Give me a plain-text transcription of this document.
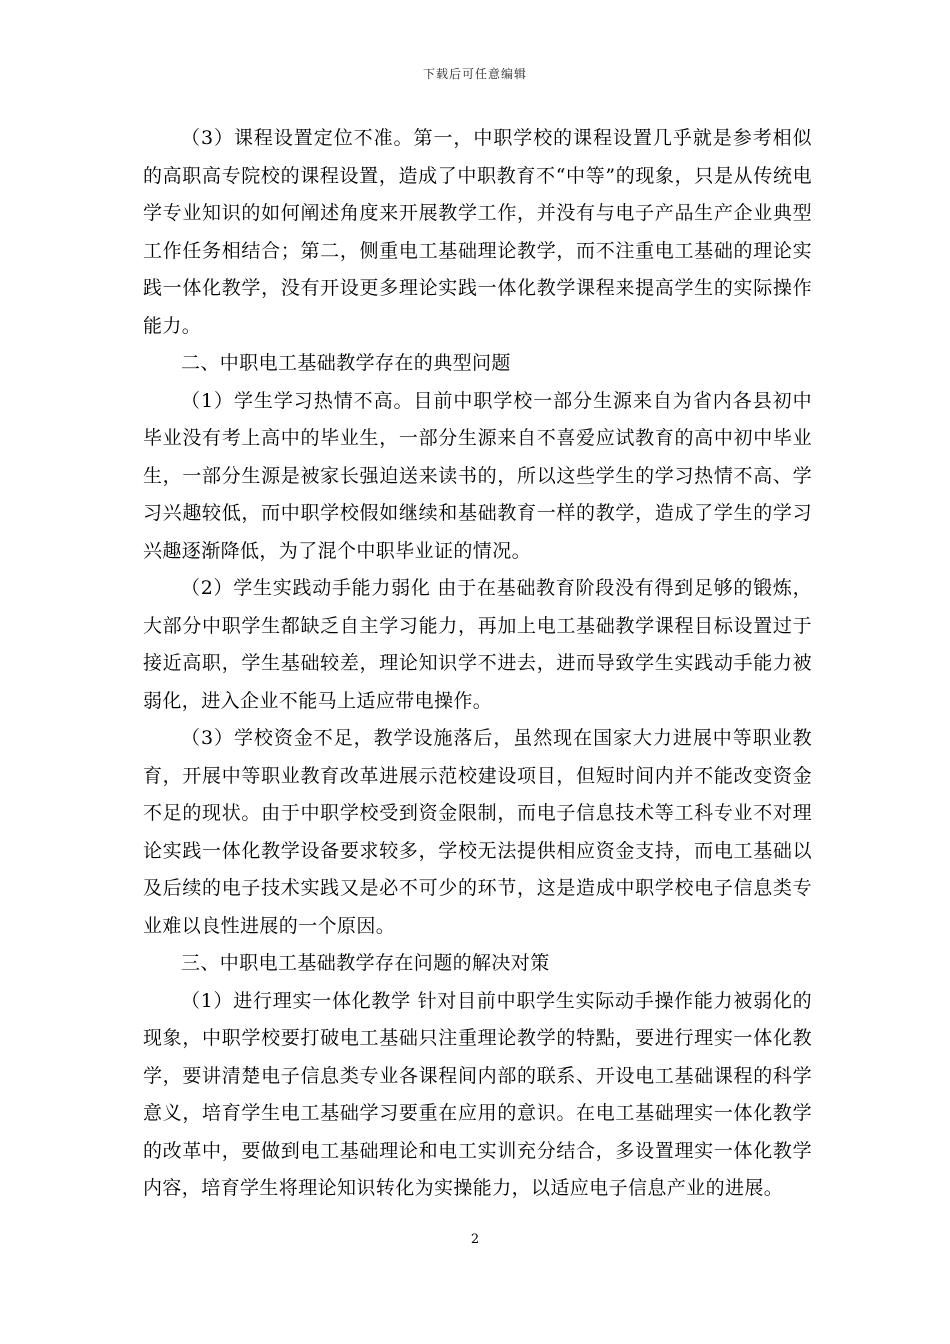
下载后可任意编辑

（3）课程设置定位不准。第一，中职学校的课程设置几乎就是参考相似的高职高专院校的课程设置，造成了中职教育不“中等”的现象，只是从传统电学专业知识的如何阐述角度来开展教学工作，并没有与电子产品生产企业典型工作任务相结合；第二，侧重电工基础理论教学，而不注重电工基础的理论实践一体化教学，没有开设更多理论实践一体化教学课程来提高学生的实际操作能力。

二、中职电工基础教学存在的典型问题

（1）学生学习热情不高。目前中职学校一部分生源来自为省内各县初中毕业没有考上高中的毕业生，一部分生源来自不喜爱应试教育的高中初中毕业生，一部分生源是被家长强迫送来读书的，所以这些学生的学习热情不高、学习兴趣较低，而中职学校假如继续和基础教育一样的教学，造成了学生的学习兴趣逐渐降低，为了混个中职毕业证的情况。

（2）学生实践动手能力弱化 由于在基础教育阶段没有得到足够的锻炼，大部分中职学生都缺乏自主学习能力，再加上电工基础教学课程目标设置过于接近高职，学生基础较差，理论知识学不进去，进而导致学生实践动手能力被弱化，进入企业不能马上适应带电操作。

（3）学校资金不足，教学设施落后，虽然现在国家大力进展中等职业教育，开展中等职业教育改革进展示范校建设项目，但短时间内并不能改变资金不足的现状。由于中职学校受到资金限制，而电子信息技术等工科专业不对理论实践一体化教学设备要求较多，学校无法提供相应资金支持，而电工基础以及后续的电子技术实践又是必不可少的环节，这是造成中职学校电子信息类专业难以良性进展的一个原因。

三、中职电工基础教学存在问题的解决对策

（1）进行理实一体化教学 针对目前中职学生实际动手操作能力被弱化的现象，中职学校要打破电工基础只注重理论教学的特點，要进行理实一体化教学，要讲清楚电子信息类专业各课程间内部的联系、开设电工基础课程的科学意义，培育学生电工基础学习要重在应用的意识。在电工基础理实一体化教学的改革中，要做到电工基础理论和电工实训充分结合，多设置理实一体化教学内容，培育学生将理论知识转化为实操能力，以适应电子信息产业的进展。

2
